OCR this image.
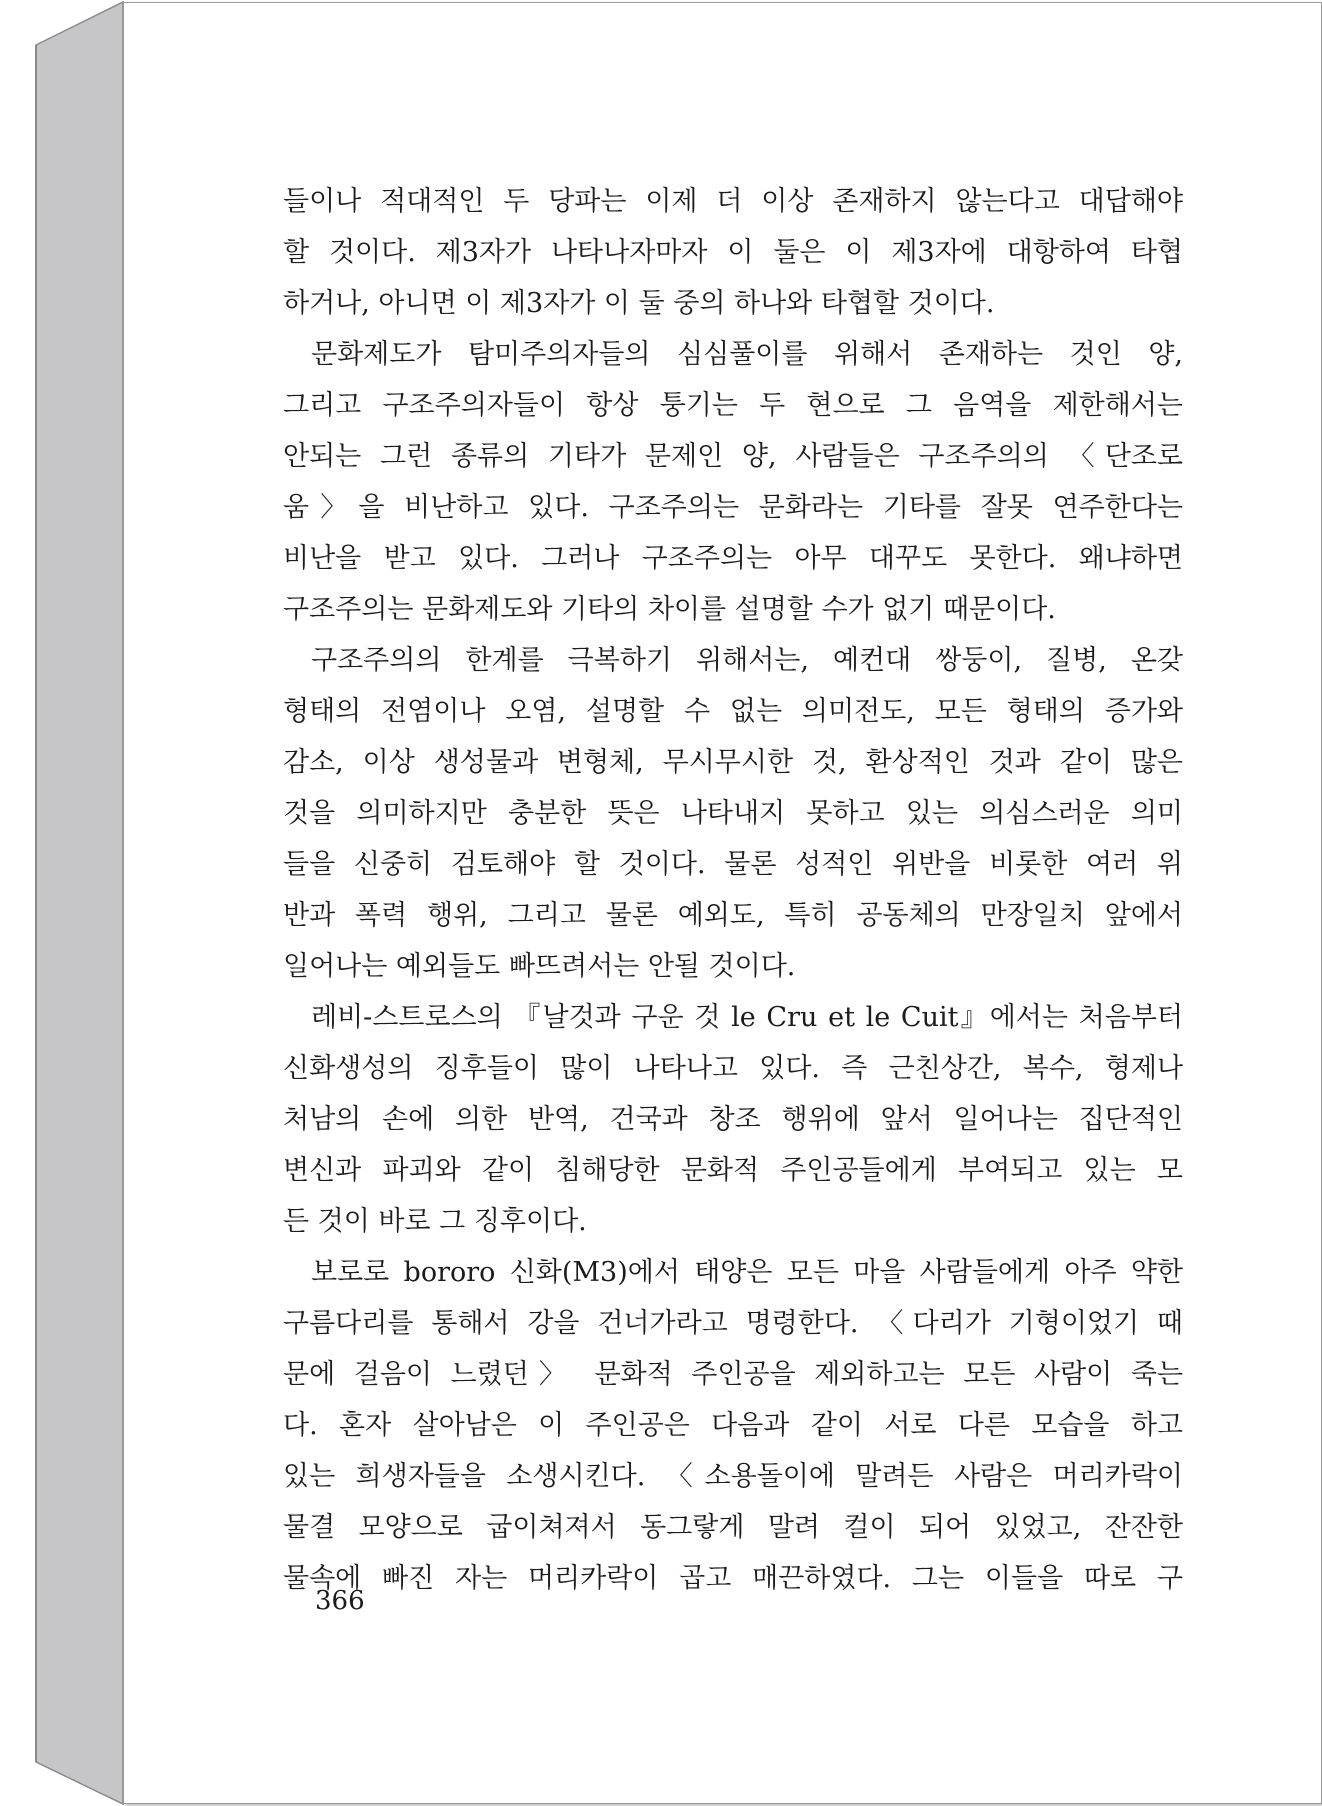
들이나 적대적인 두 당파는 이제 더 이상 존재하지 않는다고 대답해야
할 것이다. 제3자가 나타나자마자 이 둘은 이 제3자에 대항하여 타협
하거나, 아니면 이 제3자가 이 둘 중의 하나와 타협할 것이다.
문화제도가 탐미주의자들의 심심풀이를 위해서 존재하는 것인 양,
그리고 구조주의자들이 항상 퉁기는 두 현으로 그 음역을 제한해서는
안되는 그런 종류의 기타가 문제인 양, 사람들은 구조주의의 〈단조로
움〉을 비난하고 있다. 구조주의는 문화라는 기타를 잘못 연주한다는
비난을 받고 있다. 그러나 구조주의는 아무 대꾸도 못한다. 왜냐하면
구조주의는 문화제도와 기타의 차이를 설명할 수가 없기 때문이다.
구조주의의 한계를 극복하기 위해서는, 예컨대 쌍둥이, 질병, 온갖
형태의 전염이나 오염, 설명할 수 없는 의미전도, 모든 형태의 증가와
감소, 이상 생성물과 변형체, 무시무시한 것, 환상적인 것과 같이 많은
것을 의미하지만 충분한 뜻은 나타내지 못하고 있는 의심스러운 의미
들을 신중히 검토해야 할 것이다. 물론 성적인 위반을 비롯한 여러 위
반과 폭력 행위, 그리고 물론 예외도, 특히 공동체의 만장일치 앞에서
일어나는 예외들도 빠뜨려서는 안될 것이다.
레비-스트로스의 『날것과 구운 것 le Cru et le Cuit』에서는 처음부터
신화생성의 징후들이 많이 나타나고 있다. 즉 근친상간, 복수, 형제나
처남의 손에 의한 반역, 건국과 창조 행위에 앞서 일어나는 집단적인
변신과 파괴와 같이 침해당한 문화적 주인공들에게 부여되고 있는 모
든 것이 바로 그 징후이다.
보로로 bororo 신화(M3)에서 태양은 모든 마을 사람들에게 아주 약한
구름다리를 통해서 강을 건너가라고 명령한다. 〈다리가 기형이었기 때
문에 걸음이 느렸던〉 문화적 주인공을 제외하고는 모든 사람이 죽는
다. 혼자 살아남은 이 주인공은 다음과 같이 서로 다른 모습을 하고
있는 희생자들을 소생시킨다. 〈소용돌이에 말려든 사람은 머리카락이
물결 모양으로 굽이쳐져서 동그랗게 말려 컬이 되어 있었고, 잔잔한
물속에 빠진 자는 머리카락이 곱고 매끈하였다. 그는 이들을 따로 구
366
